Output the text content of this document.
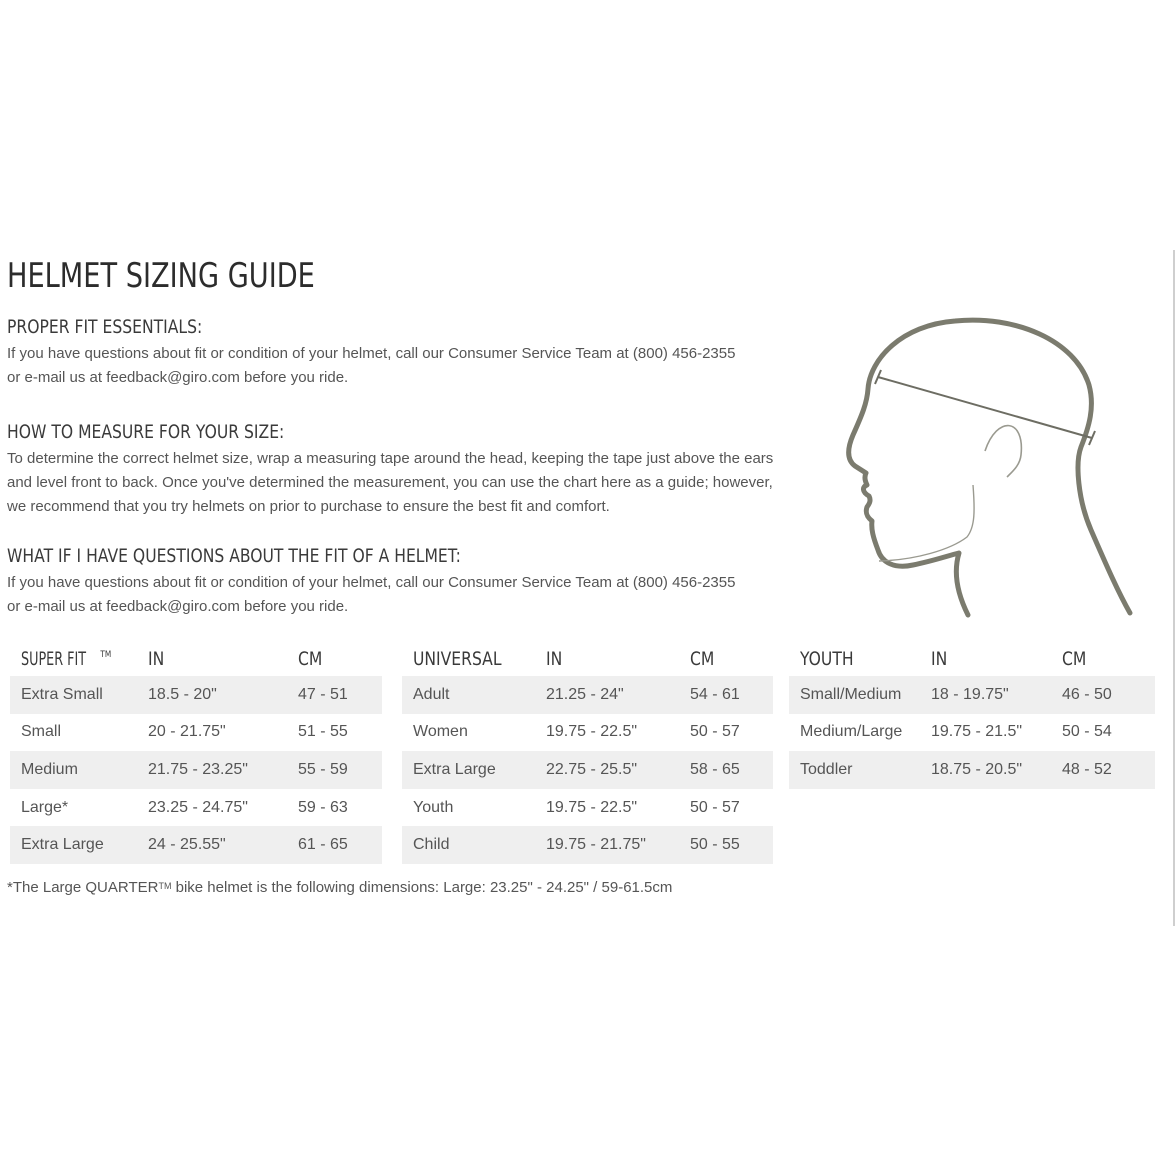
HELMET SIZING GUIDE
PROPER FIT ESSENTIALS:

If you have questions about fit or condition of your helmet, call our Consumer Service Team at (800) 456-2355 or e-mail us at feedback@giro.com before you ride.

HOW TO MEASURE FOR YOUR SIZE:

To determine the correct helmet size, wrap a measuring tape around the head, keeping the tape just above the ears and level front to back. Once you've determined the measurement, you can use the chart here as a guide; however, we recommend that you try helmets on prior to purchase to ensure the best fit and comfort.

WHAT IF I HAVE QUESTIONS ABOUT THE FIT OF A HELMET:

If you have questions about fit or condition of your helmet, call our Consumer Service Team at (800) 456-2355 or e-mail us at feedback@giro.com before you ride.

SUPER FIT ™	IN	CM
Extra Small	18.5 - 20"	47 - 51
Small	20 - 21.75"	51 - 55
Medium	21.75 - 23.25"	55 - 59
Large*	23.25 - 24.75"	59 - 63
Extra Large	24 - 25.55"	61 - 65
UNIVERSAL	IN	CM
Adult	21.25 - 24"	54 - 61
Women	19.75 - 22.5"	50 - 57
Extra Large	22.75 - 25.5"	58 - 65
Youth	19.75 - 22.5"	50 - 57
Child	19.75 - 21.75"	50 - 55
YOUTH	IN	CM
Small/Medium	18 - 19.75"	46 - 50
Medium/Large	19.75 - 21.5"	50 - 54
Toddler	18.75 - 20.5"	48 - 52

*The Large QUARTER™ bike helmet is the following dimensions: Large: 23.25" - 24.25" / 59-61.5cm
